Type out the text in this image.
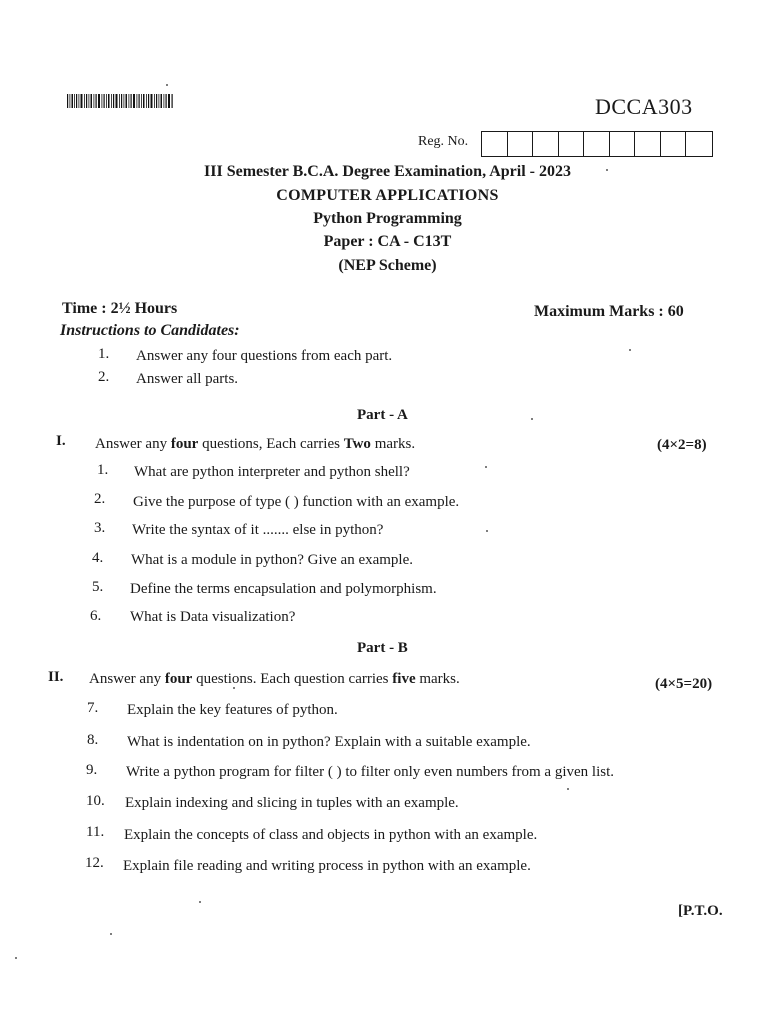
DCCA303
Reg. No.
III Semester B.C.A. Degree Examination, April - 2023
COMPUTER APPLICATIONS
Python Programming
Paper : CA - C13T
(NEP Scheme)
Time : 2½ Hours	Maximum Marks : 60
Instructions to Candidates:
1. Answer any four questions from each part.
2. Answer all parts.
Part - A
I. Answer any four questions, Each carries Two marks.	(4×2=8)
1. What are python interpreter and python shell?
2. Give the purpose of type ( ) function with an example.
3. Write the syntax of it ....... else in python?
4. What is a module in python? Give an example.
5. Define the terms encapsulation and polymorphism.
6. What is Data visualization?
Part - B
II. Answer any four questions. Each question carries five marks.	(4×5=20)
7. Explain the key features of python.
8. What is indentation on in python? Explain with a suitable example.
9. Write a python program for filter ( ) to filter only even numbers from a given list.
10. Explain indexing and slicing in tuples with an example.
11. Explain the concepts of class and objects in python with an example.
12. Explain file reading and writing process in python with an example.
[P.T.O.
